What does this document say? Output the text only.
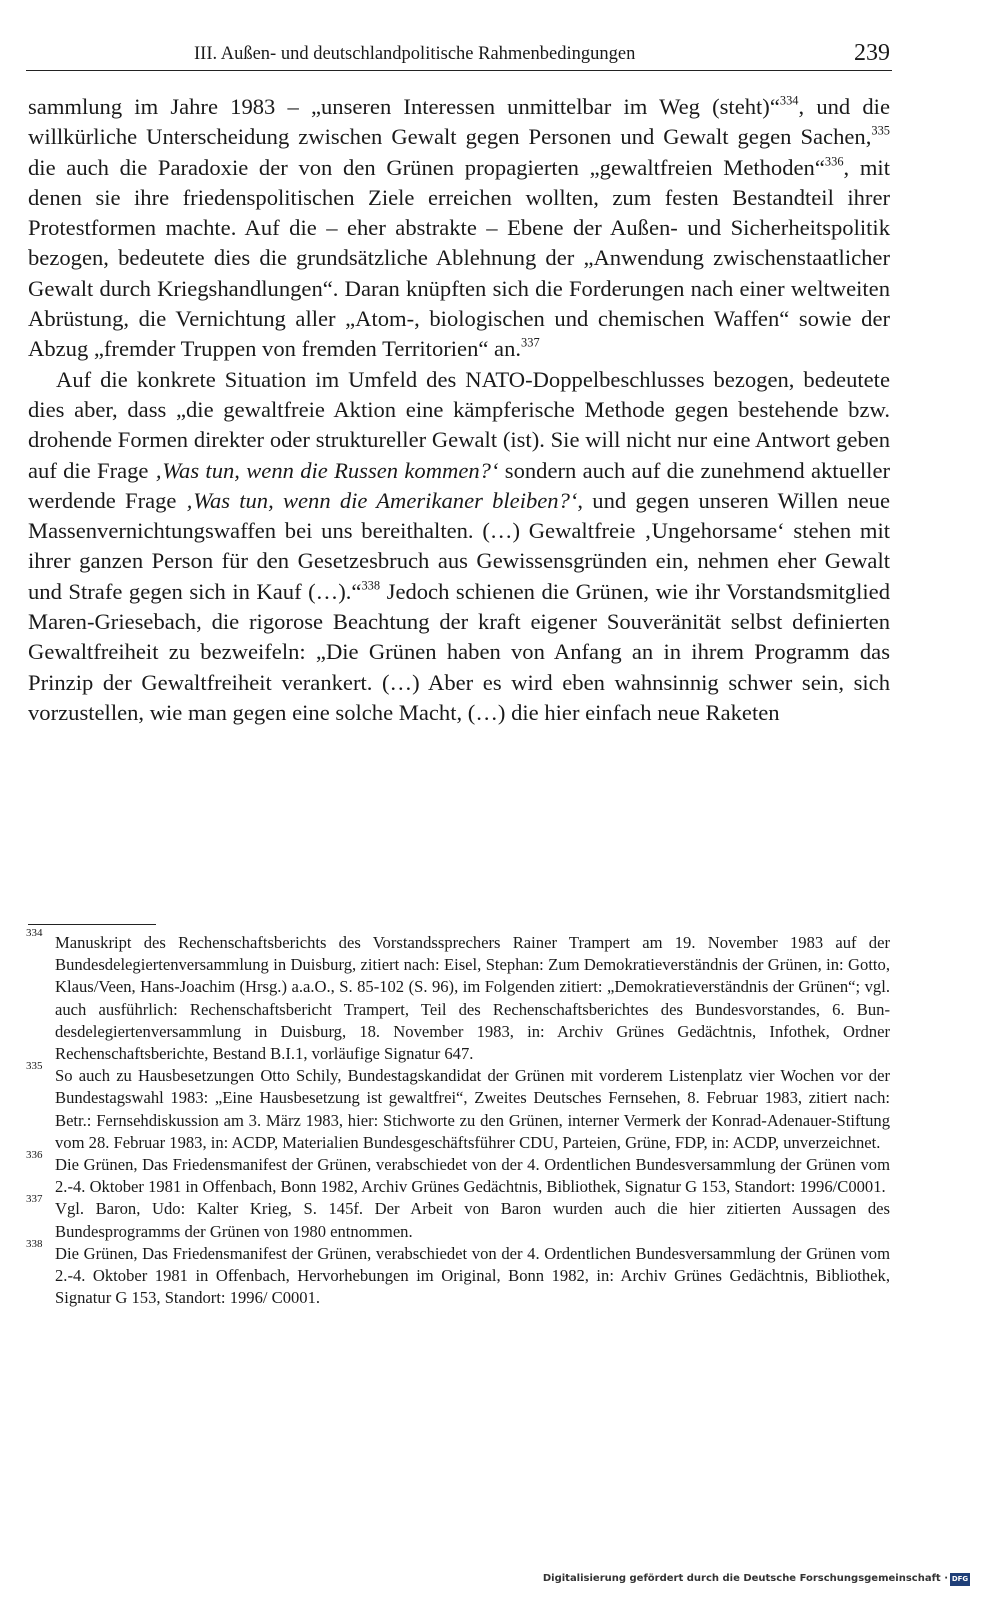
III. Außen- und deutschlandpolitische Rahmenbedingungen	239

sammlung im Jahre 1983 – „unseren Interessen unmittelbar im Weg (steht)“$^{334}$, und die willkürliche Unterscheidung zwischen Gewalt gegen Personen und Gewalt gegen Sachen,$^{335}$ die auch die Paradoxie der von den Grünen propagierten „gewaltfreien Methoden“$^{336}$, mit denen sie ihre friedenspolitischen Ziele erreichen wollten, zum festen Bestandteil ihrer Protestformen machte. Auf die – eher abstrakte – Ebene der Außen- und Sicherheitspolitik bezogen, bedeutete dies die grundsätzliche Ablehnung der „Anwendung zwischenstaatlicher Gewalt durch Kriegshandlungen“. Daran knüpften sich die Forderungen nach einer weltweiten Abrüstung, die Vernichtung aller „Atom-, biologischen und chemischen Waffen“ sowie der Abzug „fremder Truppen von fremden Territorien“ an.$^{337}$

Auf die konkrete Situation im Umfeld des NATO-Doppelbeschlusses bezogen, bedeutete dies aber, dass „die gewaltfreie Aktion eine kämpferische Methode gegen bestehende bzw. drohende Formen direkter oder struktureller Gewalt (ist). Sie will nicht nur eine Antwort geben auf die Frage ‚Was tun, wenn die Russen kommen?‘ sondern auch auf die zunehmend aktueller werdende Frage ‚Was tun, wenn die Amerikaner bleiben?‘, und gegen unseren Willen neue Massenvernichtungswaffen bei uns bereithalten. (…) Gewaltfreie ‚Ungehorsame‘ stehen mit ihrer ganzen Person für den Gesetzesbruch aus Gewissensgründen ein, nehmen eher Gewalt und Strafe gegen sich in Kauf (…).“$^{338}$ Jedoch schienen die Grünen, wie ihr Vorstandsmitglied Maren-Griesebach, die rigorose Beachtung der kraft eigener Souveränität selbst definierten Gewaltfreiheit zu bezweifeln: „Die Grünen haben von Anfang an in ihrem Programm das Prinzip der Gewaltfreiheit verankert. (…) Aber es wird eben wahnsinnig schwer sein, sich vorzustellen, wie man gegen eine solche Macht, (…) die hier einfach neue Raketen

334 Manuskript des Rechenschaftsberichts des Vorstandssprechers Rainer Trampert am 19. November 1983 auf der Bundesdelegiertenversammlung in Duisburg, zitiert nach: Eisel, Stephan: Zum Demokratieverständnis der Grünen, in: Gotto, Klaus/Veen, Hans-Joachim (Hrsg.) a.a.O., S. 85-102 (S. 96), im Folgenden zitiert: „Demokratieverständnis der Grünen“; vgl. auch ausführlich: Rechenschaftsbericht Trampert, Teil des Rechenschaftsberichtes des Bundesvorstandes, 6. Bundesdelegiertenversammlung in Duisburg, 18. November 1983, in: Archiv Grünes Gedächtnis, Infothek, Ordner Rechenschaftsberichte, Bestand B.I.1, vorläufige Signatur 647.
335 So auch zu Hausbesetzungen Otto Schily, Bundestagskandidat der Grünen mit vorderem Listenplatz vier Wochen vor der Bundestagswahl 1983: „Eine Hausbesetzung ist gewaltfrei“, Zweites Deutsches Fernsehen, 8. Februar 1983, zitiert nach: Betr.: Fernsehdiskussion am 3. März 1983, hier: Stichworte zu den Grünen, interner Vermerk der Konrad-Adenauer-Stiftung vom 28. Februar 1983, in: ACDP, Materialien Bundesgeschäftsführer CDU, Parteien, Grüne, FDP, in: ACDP, unverzeichnet.
336 Die Grünen, Das Friedensmanifest der Grünen, verabschiedet von der 4. Ordentlichen Bundesversammlung der Grünen vom 2.-4. Oktober 1981 in Offenbach, Bonn 1982, Archiv Grünes Gedächtnis, Bibliothek, Signatur G 153, Standort: 1996/C0001.
337 Vgl. Baron, Udo: Kalter Krieg, S. 145f. Der Arbeit von Baron wurden auch die hier zitierten Aussagen des Bundesprogramms der Grünen von 1980 entnommen.
338 Die Grünen, Das Friedensmanifest der Grünen, verabschiedet von der 4. Ordentlichen Bundesversammlung der Grünen vom 2.-4. Oktober 1981 in Offenbach, Hervorhebungen im Original, Bonn 1982, in: Archiv Grünes Gedächtnis, Bibliothek, Signatur G 153, Standort: 1996/ C0001.
Digitalisierung gefördert durch die Deutsche Forschungsgemeinschaft · DFG
